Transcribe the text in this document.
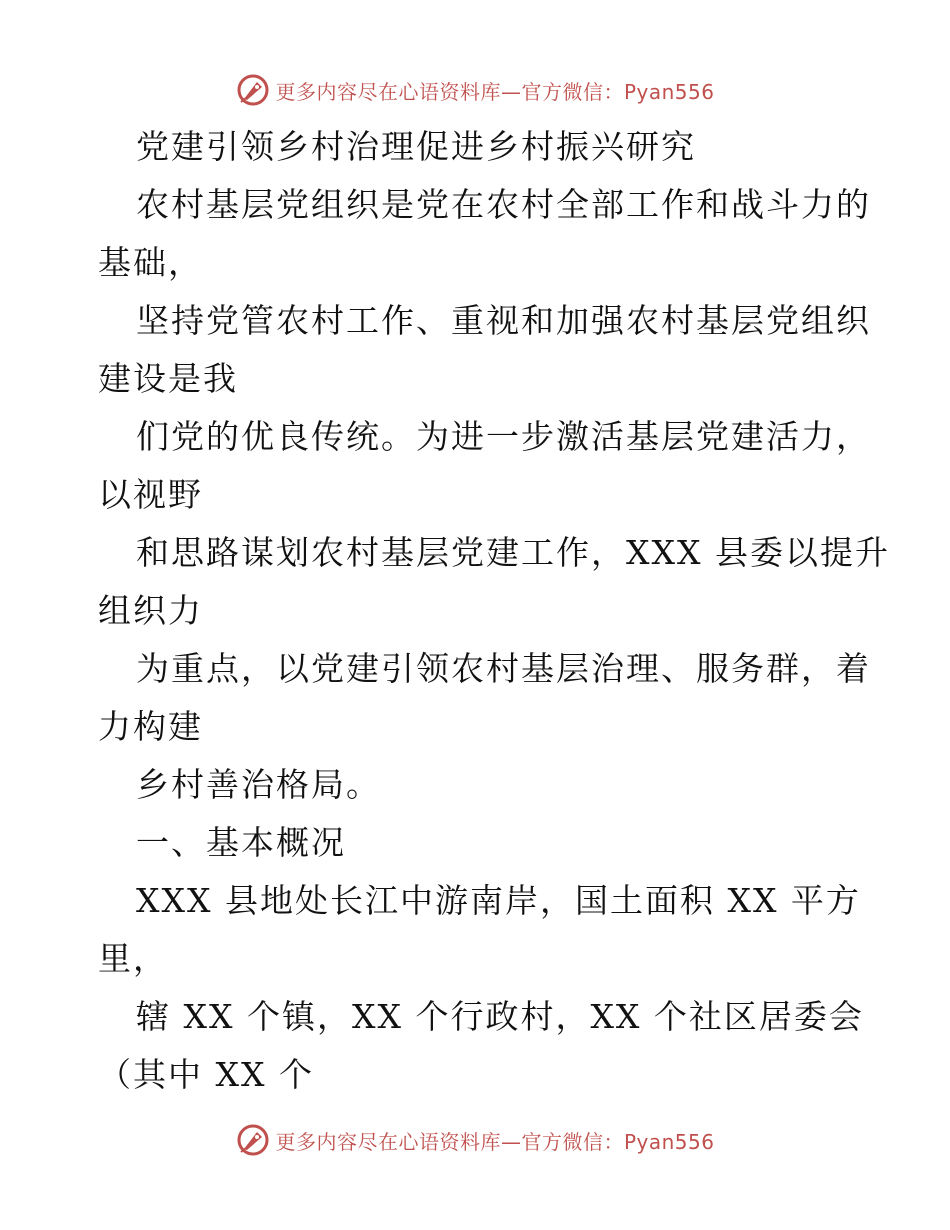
更多内容尽在心语资料库—官方微信：Pyan556
党建引领乡村治理促进乡村振兴研究
农村基层党组织是党在农村全部工作和战斗力的
基础，
坚持党管农村工作、重视和加强农村基层党组织
建设是我
们党的优良传统。为进一步激活基层党建活力，
以视野
和思路谋划农村基层党建工作，XXX 县委以提升
组织力
为重点，以党建引领农村基层治理、服务群，着
力构建
乡村善治格局。
一、基本概况
XXX 县地处长江中游南岸，国土面积 XX 平方
里，
辖 XX 个镇，XX 个行政村，XX 个社区居委会
（其中 XX 个
更多内容尽在心语资料库—官方微信：Pyan556
